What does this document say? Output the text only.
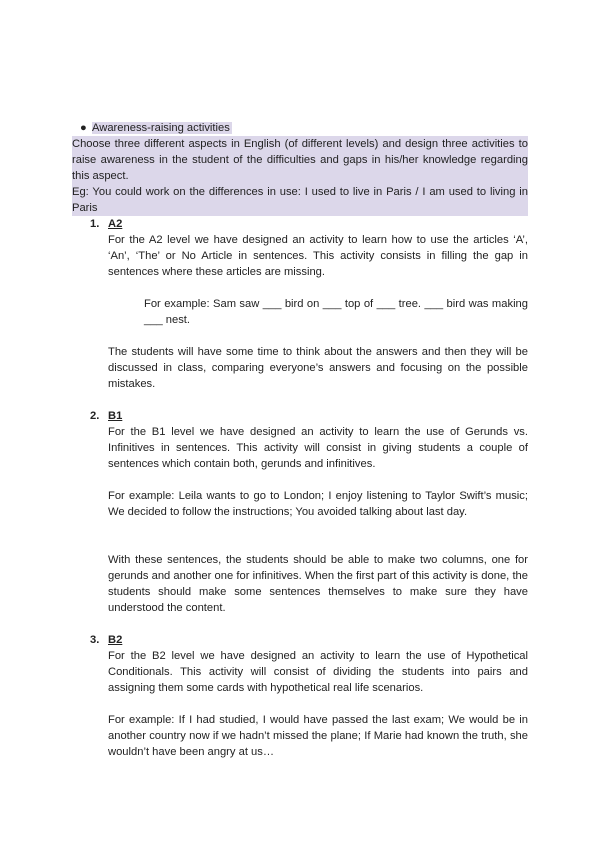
● Awareness-raising activities
Choose three different aspects in English (of different levels) and design three activities to raise awareness in the student of the difficulties and gaps in his/her knowledge regarding this aspect.
Eg: You could work on the differences in use: I used to live in Paris / I am used to living in Paris
1. A2

For the A2 level we have designed an activity to learn how to use the articles ‘A’, ‘An’, ‘The’ or No Article in sentences. This activity consists in filling the gap in sentences where these articles are missing.

For example: Sam saw ___ bird on ___ top of ___ tree. ___ bird was making ___ nest.

The students will have some time to think about the answers and then they will be discussed in class, comparing everyone’s answers and focusing on the possible mistakes.

2. B1

For the B1 level we have designed an activity to learn the use of Gerunds vs. Infinitives in sentences. This activity will consist in giving students a couple of sentences which contain both, gerunds and infinitives.

For example: Leila wants to go to London; I enjoy listening to Taylor Swift’s music; We decided to follow the instructions; You avoided talking about last day.

With these sentences, the students should be able to make two columns, one for gerunds and another one for infinitives. When the first part of this activity is done, the students should make some sentences themselves to make sure they have understood the content.

3. B2

For the B2 level we have designed an activity to learn the use of Hypothetical Conditionals. This activity will consist of dividing the students into pairs and assigning them some cards with hypothetical real life scenarios.

For example: If I had studied, I would have passed the last exam; We would be in another country now if we hadn’t missed the plane; If Marie had known the truth, she wouldn’t have been angry at us…
